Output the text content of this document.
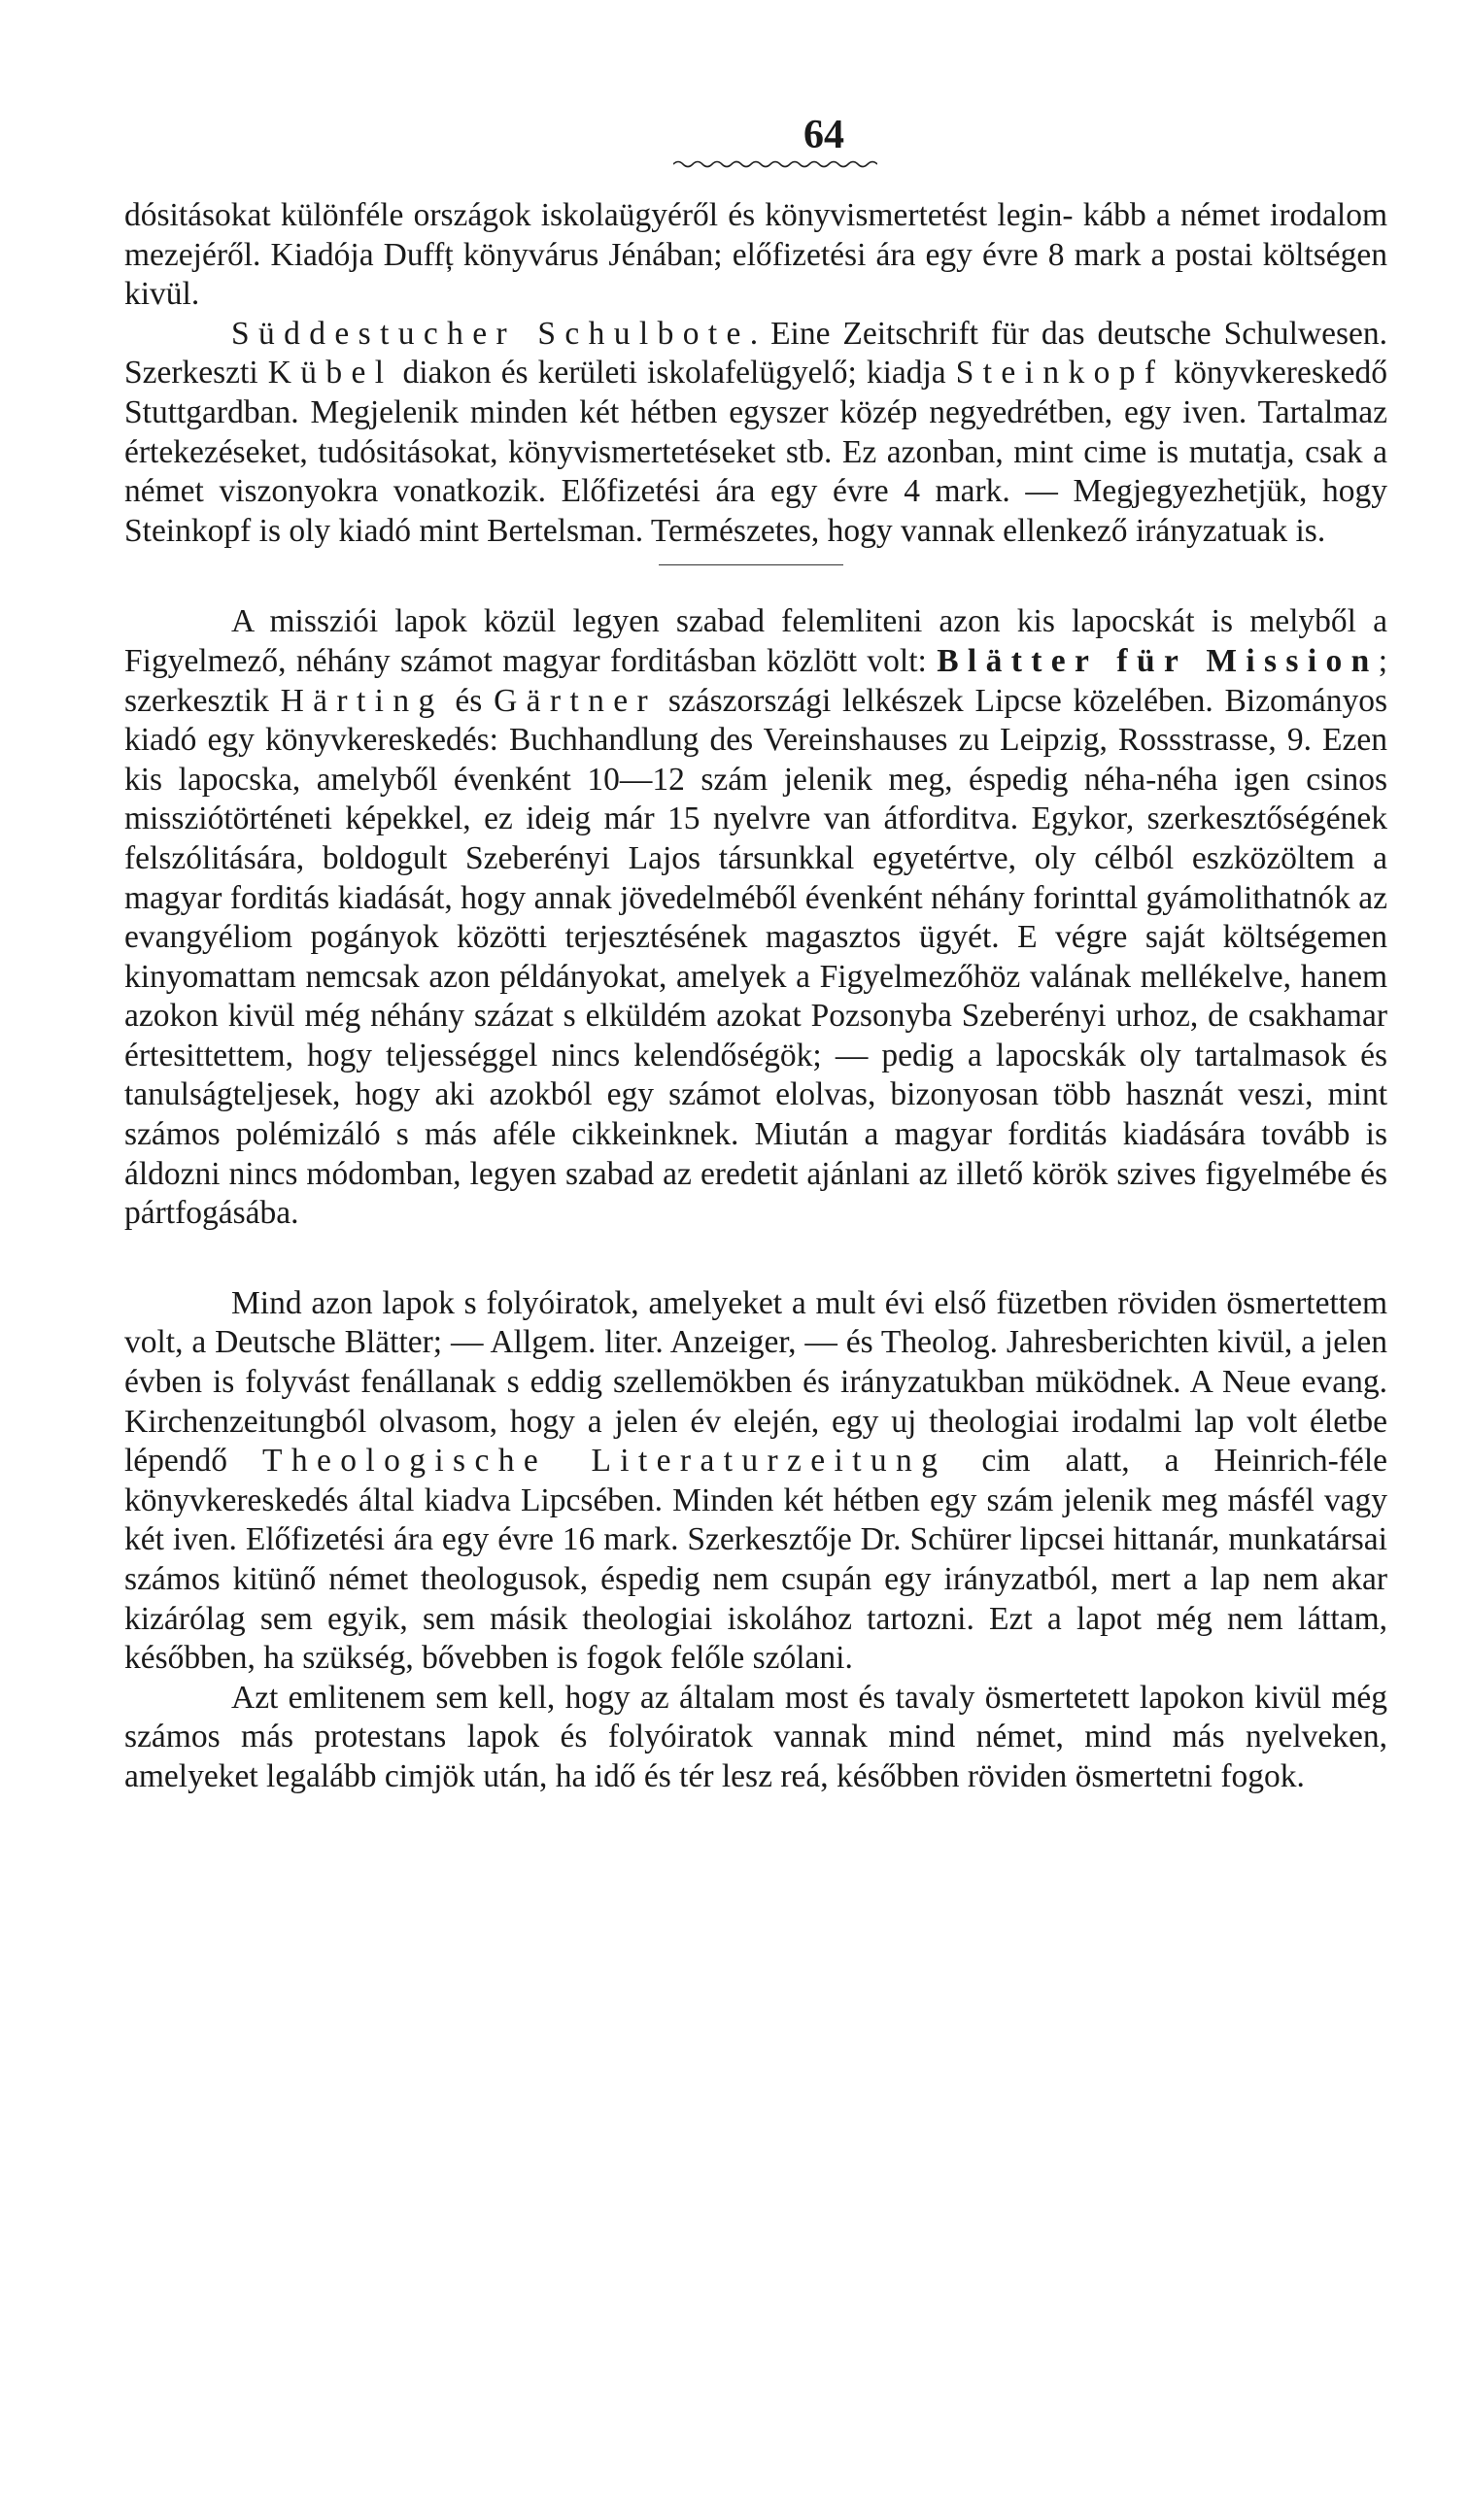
64

dósitásokat különféle országok iskolaügyéről és könyvismertetést legin- kább a német irodalom mezejéről. Kiadója Duffț könyvárus Jénában; előfizetési ára egy évre 8 mark a postai költségen kivül.

Süddestucher Schulbote. Eine Zeitschrift für das deutsche Schulwesen. Szerkeszti Kübel diakon és kerületi iskolafelügyelő; kiadja Steinkopf könyvkereskedő Stuttgardban. Megjelenik minden két hétben egyszer közép negyedrétben, egy iven. Tartalmaz értekezéseket, tudósitásokat, könyvismertetéseket stb. Ez azonban, mint cime is mutatja, csak a német viszonyokra vonatkozik. Előfizetési ára egy évre 4 mark. — Megjegyezhetjük, hogy Steinkopf is oly kiadó mint Bertelsman. Természetes, hogy vannak ellenkező irányzatuak is.

A missziói lapok közül legyen szabad felemliteni azon kis lapocskát is melyből a Figyelmező, néhány számot magyar forditásban közlött volt: Blätter für Mission; szerkesztik Härting és Gärtner szászországi lelkészek Lipcse közelében. Bizományos kiadó egy könyvkereskedés: Buchhandlung des Vereinshauses zu Leipzig, Rossstrasse, 9. Ezen kis lapocska, amelyből évenként 10—12 szám jelenik meg, éspedig néha-néha igen csinos missziótörténeti képekkel, ez ideig már 15 nyelvre van átforditva. Egykor, szerkesztőségének felszólitására, boldogult Szeberényi Lajos társunkkal egyetértve, oly célból eszközöltem a magyar forditás kiadását, hogy annak jövedelméből évenként néhány forinttal gyámolithatnók az evangyéliom pogányok közötti terjesztésének magasztos ügyét. E végre saját költségemen kinyomattam nemcsak azon példányokat, amelyek a Figyelmezőhöz valának mellékelve, hanem azokon kivül még néhány százat s elküldém azokat Pozsonyba Szeberényi urhoz, de csakhamar értesittettem, hogy teljességgel nincs kelendőségök; — pedig a lapocskák oly tartalmasok és tanulságteljesek, hogy aki azokból egy számot elolvas, bizonyosan több hasznát veszi, mint számos polémizáló s más aféle cikkeinknek. Miután a magyar forditás kiadására tovább is áldozni nincs módomban, legyen szabad az eredetit ajánlani az illető körök szives figyelmébe és pártfogásába.

Mind azon lapok s folyóiratok, amelyeket a mult évi első füzetben röviden ösmertettem volt, a Deutsche Blätter; — Allgem. liter. Anzeiger, — és Theolog. Jahresberichten kivül, a jelen évben is folyvást fenállanak s eddig szellemökben és irányzatukban müködnek. A Neue evang. Kirchenzeitungból olvasom, hogy a jelen év elején, egy uj theologiai irodalmi lap volt életbe lépendő Theologische Literaturzeitung cim alatt, a Heinrich-féle könyvkereskedés által kiadva Lipcsében. Minden két hétben egy szám jelenik meg másfél vagy két iven. Előfizetési ára egy évre 16 mark. Szerkesztője Dr. Schürer lipcsei hittanár, munkatársai számos kitünő német theologusok, éspedig nem csupán egy irányzatból, mert a lap nem akar kizárólag sem egyik, sem másik theologiai iskolához tartozni. Ezt a lapot még nem láttam, későbben, ha szükség, bővebben is fogok felőle szólani.

Azt emlitenem sem kell, hogy az általam most és tavaly ösmertetett lapokon kivül még számos más protestans lapok és folyóiratok vannak mind német, mind más nyelveken, amelyeket legalább cimjök után, ha idő és tér lesz reá, későbben röviden ösmertetni fogok.
